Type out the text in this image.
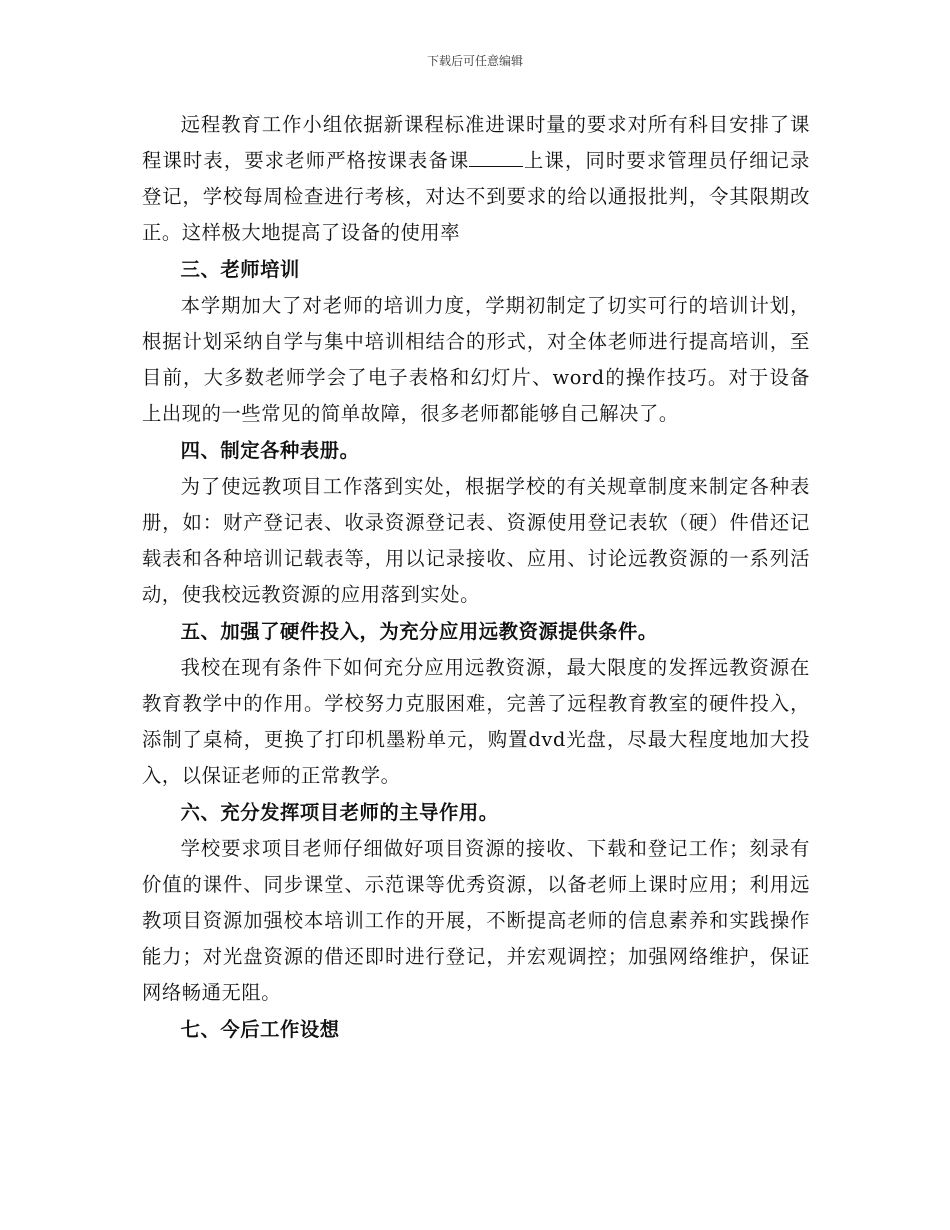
下载后可任意编辑

远程教育工作小组依据新课程标准进课时量的要求对所有科目安排了课程课时表，要求老师严格按课表备课	上课，同时要求管理员仔细记录登记，学校每周检查进行考核，对达不到要求的给以通报批判，令其限期改正。这样极大地提高了设备的使用率

三、老师培训

本学期加大了对老师的培训力度，学期初制定了切实可行的培训计划，根据计划采纳自学与集中培训相结合的形式，对全体老师进行提高培训，至目前，大多数老师学会了电子表格和幻灯片、word的操作技巧。对于设备上出现的一些常见的简单故障，很多老师都能够自己解决了。

四、制定各种表册。

为了使远教项目工作落到实处，根据学校的有关规章制度来制定各种表册，如：财产登记表、收录资源登记表、资源使用登记表软（硬）件借还记载表和各种培训记载表等，用以记录接收、应用、讨论远教资源的一系列活动，使我校远教资源的应用落到实处。

五、加强了硬件投入，为充分应用远教资源提供条件。

我校在现有条件下如何充分应用远教资源，最大限度的发挥远教资源在教育教学中的作用。学校努力克服困难，完善了远程教育教室的硬件投入，添制了桌椅，更换了打印机墨粉单元，购置dvd光盘，尽最大程度地加大投入，以保证老师的正常教学。

六、充分发挥项目老师的主导作用。

学校要求项目老师仔细做好项目资源的接收、下载和登记工作；刻录有价值的课件、同步课堂、示范课等优秀资源，以备老师上课时应用；利用远教项目资源加强校本培训工作的开展，不断提高老师的信息素养和实践操作能力；对光盘资源的借还即时进行登记，并宏观调控；加强网络维护，保证网络畅通无阻。

七、今后工作设想
